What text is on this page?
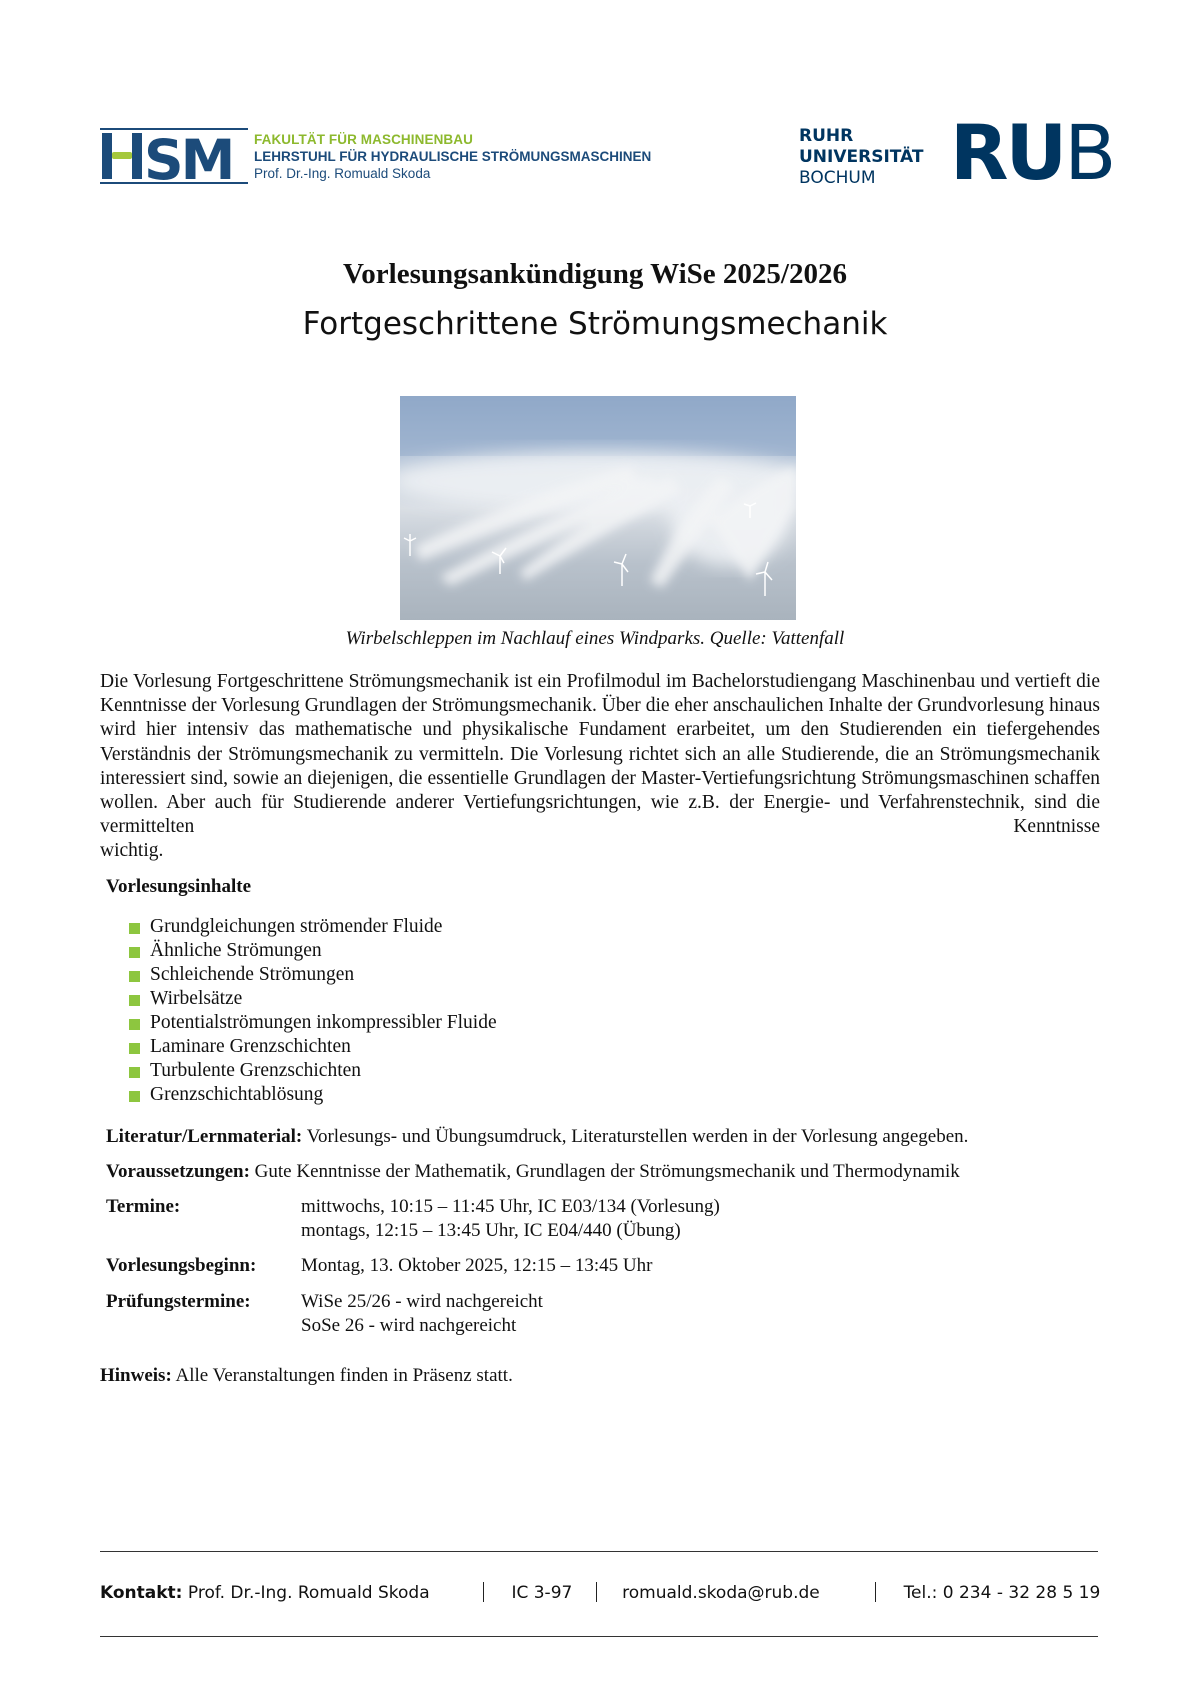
SM FAKULTÄT FÜR MASCHINENBAU
LEHRSTUHL FÜR HYDRAULISCHE STRÖMUNGSMASCHINEN
Prof. Dr.-Ing. Romuald Skoda
RUHR
UNIVERSITÄT
BOCHUM RUB
Vorlesungsankündigung WiSe 2025/2026
Fortgeschrittene Strömungsmechanik
Wirbelschleppen im Nachlauf eines Windparks. Quelle: Vattenfall
Die Vorlesung Fortgeschrittene Strömungsmechanik ist ein Profilmodul im Bachelorstudiengang Maschinenbau und vertieft die Kenntnisse der Vorlesung Grundlagen der Strömungsmechanik. Über die eher anschaulichen Inhalte der Grundvorlesung hinaus wird hier intensiv das mathematische und physikalische Fundament erarbeitet, um den Studierenden ein tiefergehendes Verständnis der Strömungsmechanik zu vermitteln. Die Vorlesung richtet sich an alle Studierende, die an Strömungsmechanik interessiert sind, sowie an diejenigen, die essentielle Grundlagen der Master-Vertiefungsrichtung Strömungsmaschinen schaffen wollen. Aber auch für Studierende anderer Vertiefungsrichtungen, wie z.B. der Energie- und Verfahrenstechnik, sind die vermittelten Kenntnisse
wichtig.
Vorlesungsinhalte
Grundgleichungen strömender Fluide
Ähnliche Strömungen
Schleichende Strömungen
Wirbelsätze
Potentialströmungen inkompressibler Fluide
Laminare Grenzschichten
Turbulente Grenzschichten
Grenzschichtablösung
Literatur/Lernmaterial: Vorlesungs- und Übungsumdruck, Literaturstellen werden in der Vorlesung angegeben.
Voraussetzungen: Gute Kenntnisse der Mathematik, Grundlagen der Strömungsmechanik und Thermodynamik
Termine:	mittwochs, 10:15 – 11:45 Uhr, IC E03/134 (Vorlesung)
montags, 12:15 – 13:45 Uhr, IC E04/440 (Übung)
Vorlesungsbeginn: Montag, 13. Oktober 2025, 12:15 – 13:45 Uhr
Prüfungstermine:	WiSe 25/26 - wird nachgereicht
SoSe 26 - wird nachgereicht
Hinweis: Alle Veranstaltungen finden in Präsenz statt.
Kontakt: Prof. Dr.-Ing. Romuald Skoda	IC 3-97	romuald.skoda@rub.de	Tel.: 0 234 - 32 28 5 19
